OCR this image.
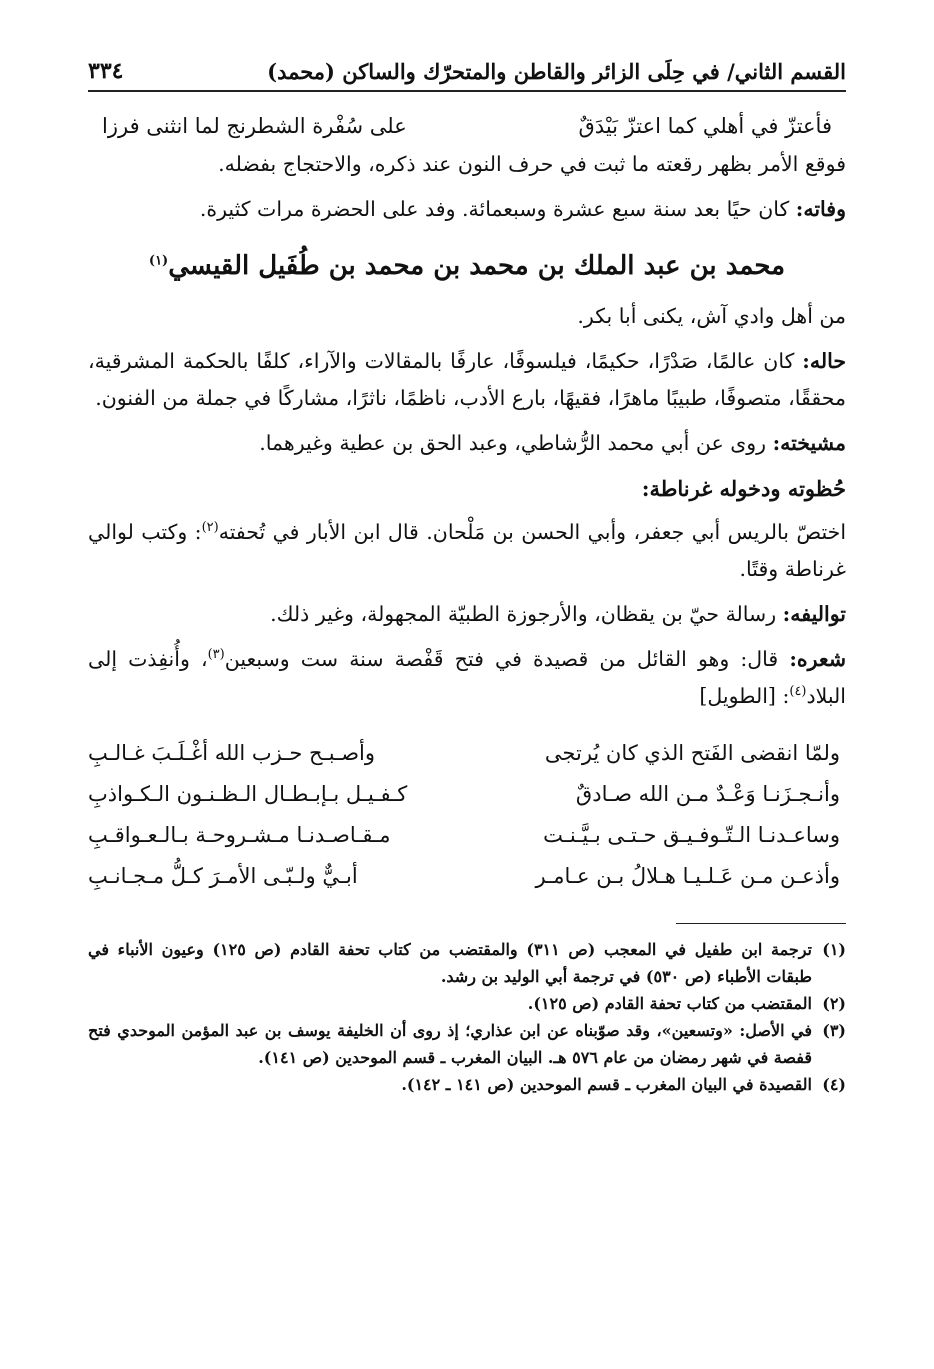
القسم الثاني/ في حِلَى الزائر والقاطن والمتحرّك والساكن (محمد)
٣٣٤
فأعتزّ في أهلي كما اعتزّ بَيْدَقٌ
على سُفْرة الشطرنج لما انثنى فرزا

فوقع الأمر بظهر رقعته ما ثبت في حرف النون عند ذكره، والاحتجاج بفضله.

وفاته: كان حيًا بعد سنة سبع عشرة وسبعمائة. وفد على الحضرة مرات كثيرة.

محمد بن عبد الملك بن محمد بن محمد بن طُفَيل القيسي$^{(١)}$

من أهل وادي آش، يكنى أبا بكر.

حاله: كان عالمًا، صَدْرًا، حكيمًا، فيلسوفًا، عارفًا بالمقالات والآراء، كلفًا بالحكمة المشرقية، محققًا، متصوفًا، طبيبًا ماهرًا، فقيهًا، بارع الأدب، ناظمًا، ناثرًا، مشاركًا في جملة من الفنون.

مشيخته: روى عن أبي محمد الرُّشاطي، وعبد الحق بن عطية وغيرهما.

حُظوته ودخوله غرناطة:

اختصّ بالريس أبي جعفر، وأبي الحسن بن مَلْحان. قال ابن الأبار في تُحفته$^{(٢)}$: وكتب لوالي غرناطة وقتًا.

تواليفه: رسالة حيّ بن يقظان، والأرجوزة الطبيّة المجهولة، وغير ذلك.

شعره: قال: وهو القائل من قصيدة في فتح قَفْصة سنة ست وسبعين$^{(٣)}$، وأُنفِذت إلى البلاد$^{(٤)}$: [الطويل]

ولمّا انقضى الفَتح الذي كان يُرتجى
وأصـبـح حـزب الله أغْـلَـبَ غـالـبِ
وأنـجـزَنـا وَعْـدٌ مـن الله صـادقٌ
كـفـيـل بـإبـطـال الـظـنـون الـكـواذبِ
وساعـدنـا الـتّـوفـيـق حـتـى بـيَّـنـت
مـقـاصـدنـا مـشـروحـة بـالـعـواقـبِ
وأذعـن مـن عَـلـيـا هـلالُ بـن عـامـر
أبـيٌّ ولـبّـى الأمـرَ كـلُّ مـجـانـبِ
(١)
ترجمة ابن طفيل في المعجب (ص ٣١١) والمقتضب من كتاب تحفة القادم (ص ١٢٥) وعيون الأنباء في طبقات الأطباء (ص ٥٣٠) في ترجمة أبي الوليد بن رشد.
(٢)
المقتضب من كتاب تحفة القادم (ص ١٢٥).
(٣)
في الأصل: «وتسعين»، وقد صوّبناه عن ابن عذاري؛ إذ روى أن الخليفة يوسف بن عبد المؤمن الموحدي فتح قفصة في شهر رمضان من عام ٥٧٦ هـ. البيان المغرب ـ قسم الموحدين (ص ١٤١).
(٤)
القصيدة في البيان المغرب ـ قسم الموحدين (ص ١٤١ ـ ١٤٢).
